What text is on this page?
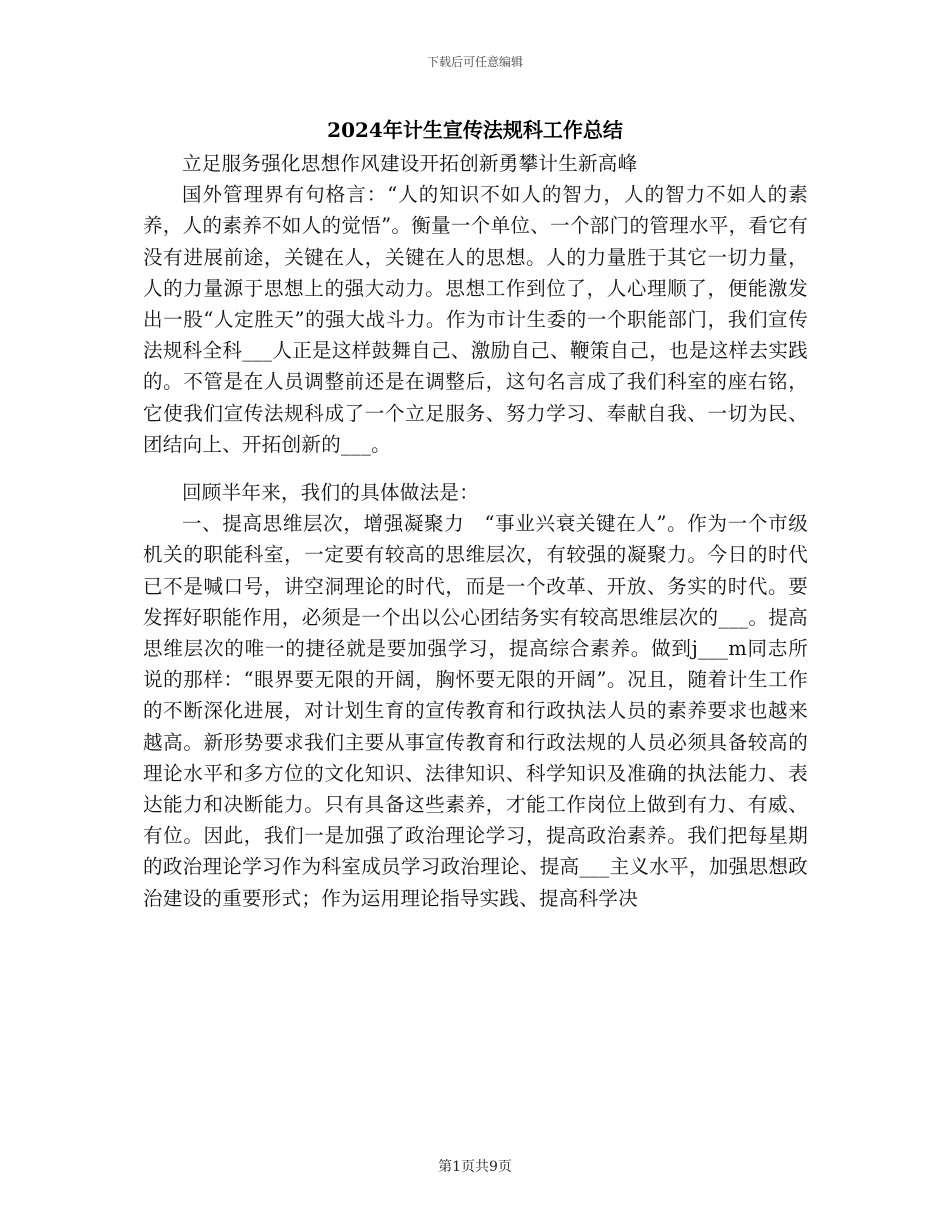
下载后可任意编辑
2024年计生宣传法规科工作总结

立足服务强化思想作风建设开拓创新勇攀计生新高峰

国外管理界有句格言：“人的知识不如人的智力，人的智力不如人的素养，人的素养不如人的觉悟”。衡量一个单位、一个部门的管理水平，看它有没有进展前途，关键在人，关键在人的思想。人的力量胜于其它一切力量，人的力量源于思想上的强大动力。思想工作到位了，人心理顺了，便能激发出一股“人定胜天”的强大战斗力。作为市计生委的一个职能部门，我们宣传法规科全科___人正是这样鼓舞自己、激励自己、鞭策自己，也是这样去实践的。不管是在人员调整前还是在调整后，这句名言成了我们科室的座右铭，它使我们宣传法规科成了一个立足服务、努力学习、奉献自我、一切为民、团结向上、开拓创新的___。

回顾半年来，我们的具体做法是：

一、提高思维层次，增强凝聚力　“事业兴衰关键在人”。作为一个市级机关的职能科室，一定要有较高的思维层次，有较强的凝聚力。今日的时代已不是喊口号，讲空洞理论的时代，而是一个改革、开放、务实的时代。要发挥好职能作用，必须是一个出以公心团结务实有较高思维层次的___。提高思维层次的唯一的捷径就是要加强学习，提高综合素养。做到j___m同志所说的那样：“眼界要无限的开阔，胸怀要无限的开阔”。况且，随着计生工作的不断深化进展，对计划生育的宣传教育和行政执法人员的素养要求也越来越高。新形势要求我们主要从事宣传教育和行政法规的人员必须具备较高的理论水平和多方位的文化知识、法律知识、科学知识及准确的执法能力、表达能力和决断能力。只有具备这些素养，才能工作岗位上做到有力、有威、有位。因此，我们一是加强了政治理论学习，提高政治素养。我们把每星期的政治理论学习作为科室成员学习政治理论、提高___主义水平，加强思想政治建设的重要形式；作为运用理论指导实践、提高科学决

第1页共9页
